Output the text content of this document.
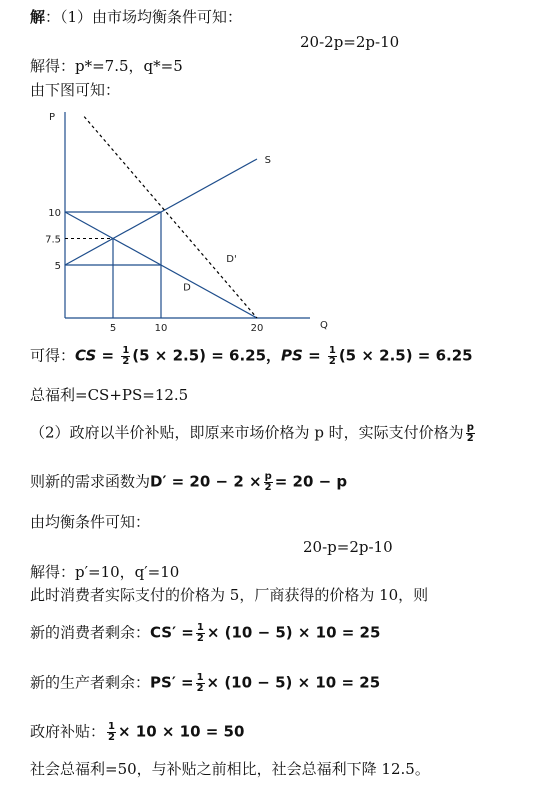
解：（1）由市场均衡条件可知：
20-2p=2p-10
解得：p*=7.5，q*=5
由下图可知：
P
Q
S
D
D'
10
7.5
5
5	10	20
可得：CS = $\frac{1}{2} (5 \times 2.5) = 6.25$，PS = $\frac{1}{2} (5 \times 2.5) = 6.25$
总福利=CS+PS=12.5
（2）政府以半价补贴，即原来市场价格为 p 时，实际支付价格为 $\frac{p}{2}$
则新的需求函数为$D' = 20 - 2 \times \frac{p}{2} = 20 - p$
由均衡条件可知：
20-p=2p-10
解得：p′=10，q′=10
此时消费者实际支付的价格为 5，厂商获得的价格为 10，则
新的消费者剩余：$CS' = \frac{1}{2} \times (10 - 5) \times 10 = 25$
新的生产者剩余：$PS' = \frac{1}{2} \times (10 - 5) \times 10 = 25$
政府补贴： $\frac{1}{2} \times 10 \times 10 = 50$
社会总福利=50，与补贴之前相比，社会总福利下降 12.5。
